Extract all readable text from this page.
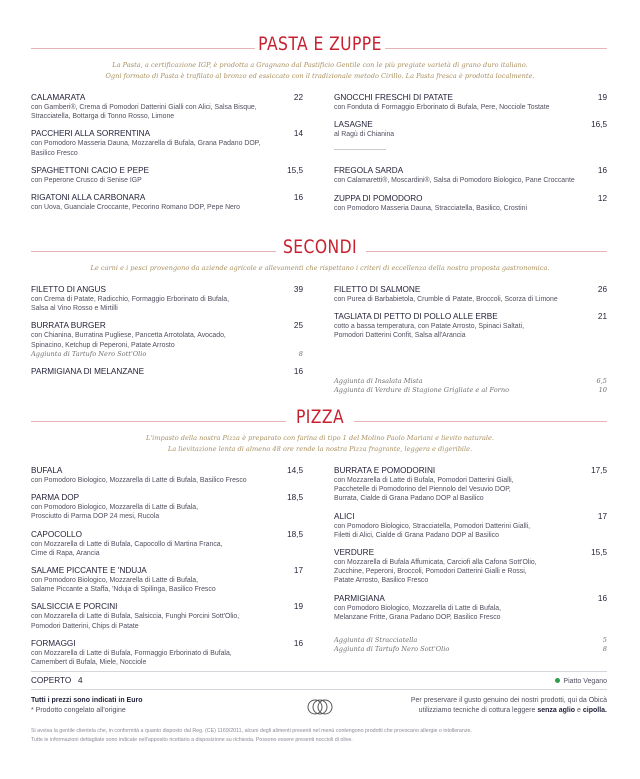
PASTA E ZUPPE
La Pasta, a certificazione IGP, è prodotta a Gragnano dal Pastificio Gentile con le più pregiate varietà di grano duro italiano.
Ogni formato di Pasta è trafilato al bronzo ed essiccato con il tradizionale metodo Cirillo. La Pasta fresca è prodotta localmente.
CALAMARATA	22
con Gamberi®, Crema di Pomodori Datterini Gialli con Alici, Salsa Bisque,
Stracciatella, Bottarga di Tonno Rosso, Limone
PACCHERI ALLA SORRENTINA	14
con Pomodoro Masseria Dauna, Mozzarella di Bufala, Grana Padano DOP,
Basilico Fresco
SPAGHETTONI CACIO E PEPE	15,5
con Peperone Crusco di Senise IGP
RIGATONI ALLA CARBONARA	16
con Uova, Guanciale Croccante, Pecorino Romano DOP, Pepe Nero
GNOCCHI FRESCHI DI PATATE	19
con Fonduta di Formaggio Erborinato di Bufala, Pere, Nocciole Tostate
LASAGNE	16,5
al Ragù di Chianina
FREGOLA SARDA	16
con Calamaretti®, Moscardini®, Salsa di Pomodoro Biologico, Pane Croccante
ZUPPA DI POMODORO	12
con Pomodoro Masseria Dauna, Stracciatella, Basilico, Crostini
SECONDI
Le carni e i pesci provengono da aziende agricole e allevamenti che rispettano i criteri di eccellenza della nostra proposta gastronomica.
FILETTO DI ANGUS	39
con Crema di Patate, Radicchio, Formaggio Erborinato di Bufala,
Salsa al Vino Rosso e Mirtilli
BURRATA BURGER	25
con Chianina, Burratina Pugliese, Pancetta Arrotolata, Avocado,
Spinacino, Ketchup di Peperoni, Patate Arrosto
Aggiunta di Tartufo Nero Sott'Olio	8
PARMIGIANA DI MELANZANE	16
FILETTO DI SALMONE	26
con Purea di Barbabietola, Crumble di Patate, Broccoli, Scorza di Limone
TAGLIATA DI PETTO DI POLLO ALLE ERBE	21
cotto a bassa temperatura, con Patate Arrosto, Spinaci Saltati,
Pomodori Datterini Confit, Salsa all'Arancia
Aggiunta di Insalata Mista	6,5
Aggiunta di Verdure di Stagione Grigliate e al Forno	10
PIZZA
L'impasto della nostra Pizza è preparato con farina di tipo 1 del Molino Paolo Mariani e lievito naturale.
La lievitazione lenta di almeno 48 ore rende la nostra Pizza fragrante, leggera e digeribile.
BUFALA	14,5
con Pomodoro Biologico, Mozzarella di Latte di Bufala, Basilico Fresco
PARMA DOP	18,5
con Pomodoro Biologico, Mozzarella di Latte di Bufala,
Prosciutto di Parma DOP 24 mesi, Rucola
CAPOCOLLO	18,5
con Mozzarella di Latte di Bufala, Capocollo di Martina Franca,
Cime di Rapa, Arancia
SALAME PICCANTE E 'NDUJA	17
con Pomodoro Biologico, Mozzarella di Latte di Bufala,
Salame Piccante a Staffa, 'Nduja di Spilinga, Basilico Fresco
SALSICCIA E PORCINI	19
con Mozzarella di Latte di Bufala, Salsiccia, Funghi Porcini Sott'Olio,
Pomodori Datterini, Chips di Patate
FORMAGGI	16
con Mozzarella di Latte di Bufala, Formaggio Erborinato di Bufala,
Camembert di Bufala, Miele, Nocciole
BURRATA E POMODORINI	17,5
con Mozzarella di Latte di Bufala, Pomodori Datterini Gialli,
Pacchetelle di Pomodorino del Piennolo del Vesuvio DOP,
Burrata, Cialde di Grana Padano DOP al Basilico
ALICI	17
con Pomodoro Biologico, Stracciatella, Pomodori Datterini Gialli,
Filetti di Alici, Cialde di Grana Padano DOP al Basilico
VERDURE	15,5
con Mozzarella di Bufala Affumicata, Carciofi alla Cafona Sott'Olio,
Zucchine, Peperoni, Broccoli, Pomodori Datterini Gialli e Rossi,
Patate Arrosto, Basilico Fresco
PARMIGIANA	16
con Pomodoro Biologico, Mozzarella di Latte di Bufala,
Melanzane Fritte, Grana Padano DOP, Basilico Fresco
Aggiunta di Stracciatella	5
Aggiunta di Tartufo Nero Sott'Olio	8
COPERTO 4	Piatto Vegano
Tutti i prezzi sono indicati in Euro
* Prodotto congelato all'origine
Per preservare il gusto genuino dei nostri prodotti, qui da Obicà
utilizziamo tecniche di cottura leggere senza aglio e cipolla.
Si avvisa la gentile clientela che, in conformità a quanto disposto dal Reg. (CE) 1169/2011, alcuni degli alimenti presenti nel menù contengono prodotti che provocano allergie o intolleranze.
Tutte le informazioni dettagliate sono indicate nell'apposito ricettario a disposizione su richiesta. Possono essere presenti noccioli di olive.
